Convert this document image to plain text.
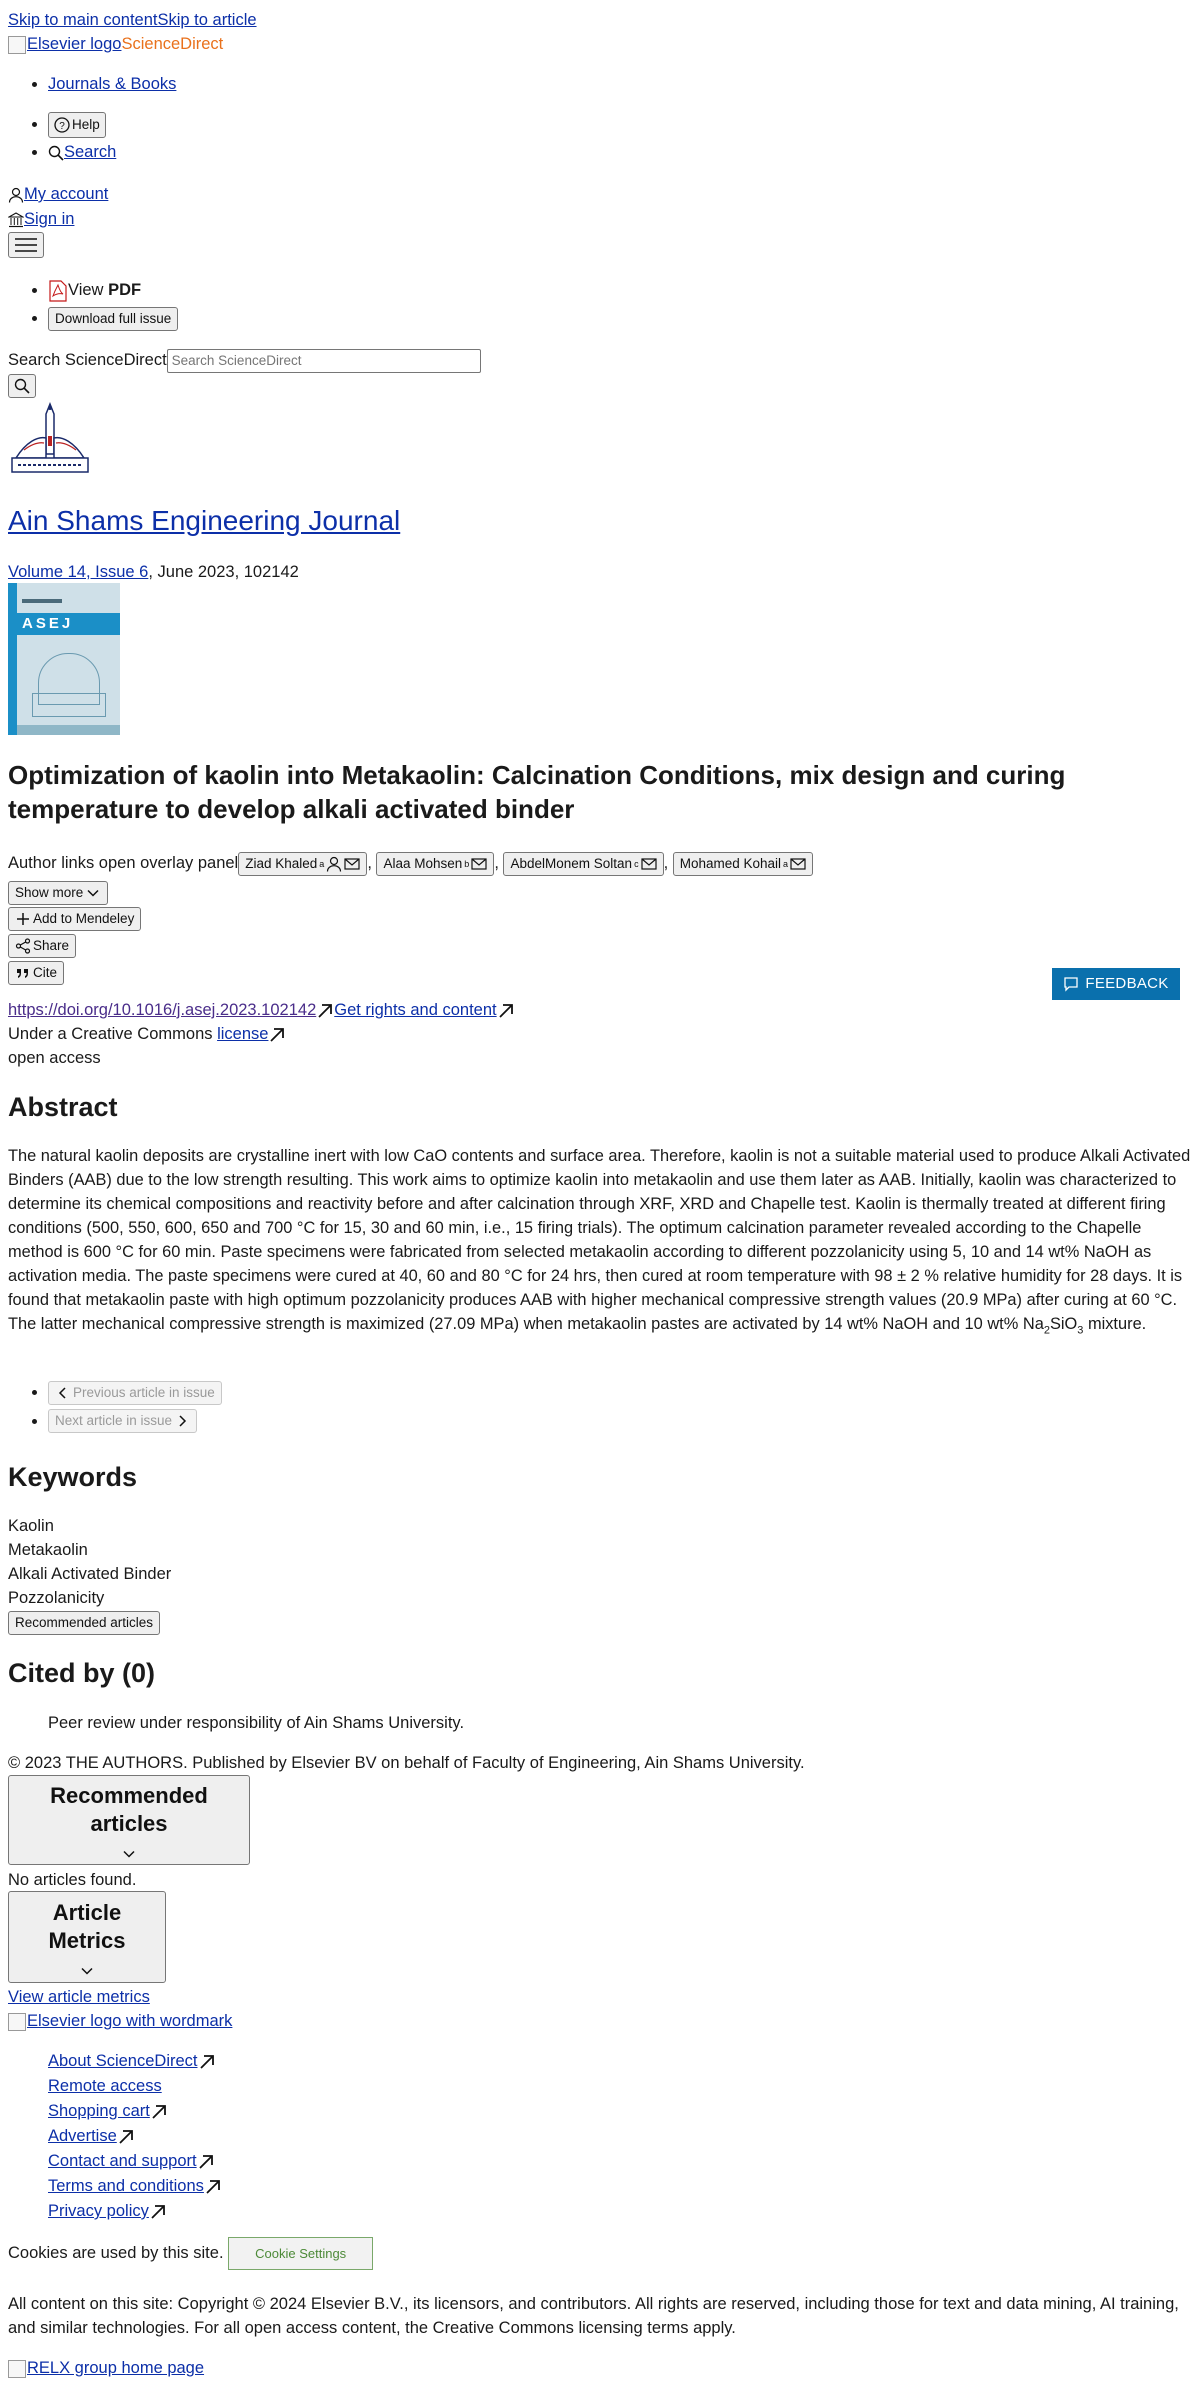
Skip to main contentSkip to article
Elsevier logoScienceDirect
• Journals & Books
• ? Help
• Search
My account
Sign in
• View PDF
• Download full issue
Search ScienceDirectSearch ScienceDirect
Ain Shams Engineering Journal
Volume 14, Issue 6, June 2023, 102142
ASEJ
Optimization of kaolin into Metakaolin: Calcination Conditions, mix design and curing temperature to develop alkali activated binder
Author links open overlay panel Ziad Khaled a	, Alaa Mohsen b , AbdelMonem Soltan c , Mohamed Kohail a
Show more
Add to Mendeley
Share
Cite
https://doi.org/10.1016/j.asej.2023.102142 Get rights and content
Under a Creative Commons license
open access
FEEDBACK
Abstract
The natural kaolin deposits are crystalline inert with low CaO contents and surface area. Therefore, kaolin is not a suitable material used to produce Alkali Activated Binders (AAB) due to the low strength resulting. This work aims to optimize kaolin into metakaolin and use them later as AAB. Initially, kaolin was characterized to determine its chemical compositions and reactivity before and after calcination through XRF, XRD and Chapelle test. Kaolin is thermally treated at different firing conditions (500, 550, 600, 650 and 700 °C for 15, 30 and 60 min, i.e., 15 firing trials). The optimum calcination parameter revealed according to the Chapelle method is 600 °C for 60 min. Paste specimens were fabricated from selected metakaolin according to different pozzolanicity using 5, 10 and 14 wt% NaOH as activation media. The paste specimens were cured at 40, 60 and 80 °C for 24 hrs, then cured at room temperature with 98 ± 2 % relative humidity for 28 days. It is found that metakaolin paste with high optimum pozzolanicity produces AAB with higher mechanical compressive strength values (20.9 MPa) after curing at 60 °C. The latter mechanical compressive strength is maximized (27.09 MPa) when metakaolin pastes are activated by 14 wt% NaOH and 10 wt% $Na_2SiO_3$ mixture.
• Previous article in issue
• Next article in issue
Keywords
Kaolin
Metakaolin
Alkali Activated Binder
Pozzolanicity
Recommended articles
Cited by (0)
Peer review under responsibility of Ain Shams University.
© 2023 THE AUTHORS. Published by Elsevier BV on behalf of Faculty of Engineering, Ain Shams University.
Recommended articles
No articles found.
Article Metrics
View article metrics
Elsevier logo with wordmark
About ScienceDirect
Remote access
Shopping cart
Advertise
Contact and support
Terms and conditions
Privacy policy
Cookies are used by this site. Cookie Settings
All content on this site: Copyright © 2024 Elsevier B.V., its licensors, and contributors. All rights are reserved, including those for text and data mining, AI training, and similar technologies. For all open access content, the Creative Commons licensing terms apply.
RELX group home page
